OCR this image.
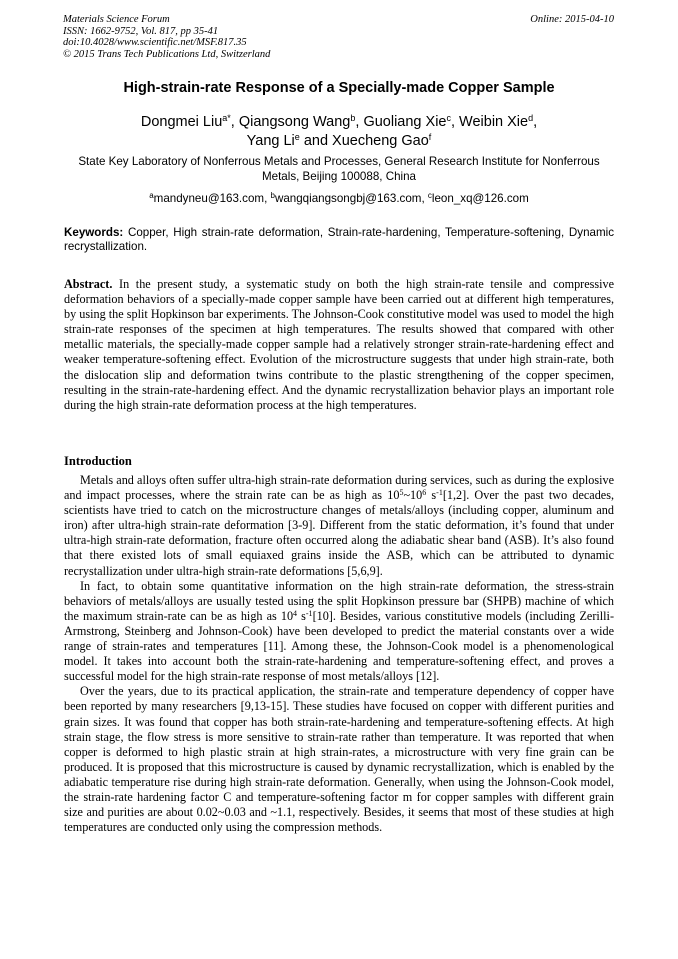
Materials Science Forum
ISSN: 1662-9752, Vol. 817, pp 35-41
doi:10.4028/www.scientific.net/MSF.817.35
© 2015 Trans Tech Publications Ltd, Switzerland
Online: 2015-04-10
High-strain-rate Response of a Specially-made Copper Sample
Dongmei Liu$^{a*}$, Qiangsong Wang$^b$, Guoliang Xie$^c$, Weibin Xie$^d$,
Yang Li$^e$ and Xuecheng Gao$^f$
State Key Laboratory of Nonferrous Metals and Processes, General Research Institute for Nonferrous Metals, Beijing 100088, China
$^a$mandyneu@163.com, $^b$wangqiangsongbj@163.com, $^c$leon_xq@126.com
Keywords: Copper, High strain-rate deformation, Strain-rate-hardening, Temperature-softening, Dynamic recrystallization.
Abstract. In the present study, a systematic study on both the high strain-rate tensile and compressive deformation behaviors of a specially-made copper sample have been carried out at different high temperatures, by using the split Hopkinson bar experiments. The Johnson-Cook constitutive model was used to model the high strain-rate responses of the specimen at high temperatures. The results showed that compared with other metallic materials, the specially-made copper sample had a relatively stronger strain-rate-hardening effect and weaker temperature-softening effect. Evolution of the microstructure suggests that under high strain-rate, both the dislocation slip and deformation twins contribute to the plastic strengthening of the copper specimen, resulting in the strain-rate-hardening effect. And the dynamic recrystallization behavior plays an important role during the high strain-rate deformation process at the high temperatures.
Introduction

Metals and alloys often suffer ultra-high strain-rate deformation during services, such as during the explosive and impact processes, where the strain rate can be as high as $10^5\sim 10^6$ $s^{-1}[1,2]$. Over the past two decades, scientists have tried to catch on the microstructure changes of metals/alloys (including copper, aluminum and iron) after ultra-high strain-rate deformation [3-9]. Different from the static deformation, it’s found that under ultra-high strain-rate deformation, fracture often occurred along the adiabatic shear band (ASB). It’s also found that there existed lots of small equiaxed grains inside the ASB, which can be attributed to dynamic recrystallization under ultra-high strain-rate deformations [5,6,9].

In fact, to obtain some quantitative information on the high strain-rate deformation, the stress-strain behaviors of metals/alloys are usually tested using the split Hopkinson pressure bar (SHPB) machine of which the maximum strain-rate can be as high as $10^4$ $s^{-1}[10]$. Besides, various constitutive models (including Zerilli-Armstrong, Steinberg and Johnson-Cook) have been developed to predict the material constants over a wide range of strain-rates and temperatures [11]. Among these, the Johnson-Cook model is a phenomenological model. It takes into account both the strain-rate-hardening and temperature-softening effect, and proves a successful model for the high strain-rate response of most metals/alloys [12].

Over the years, due to its practical application, the strain-rate and temperature dependency of copper have been reported by many researchers [9,13-15]. These studies have focused on copper with different purities and grain sizes. It was found that copper has both strain-rate-hardening and temperature-softening effects. At high strain stage, the flow stress is more sensitive to strain-rate rather than temperature. It was reported that when copper is deformed to high plastic strain at high strain-rates, a microstructure with very fine grain can be produced. It is proposed that this microstructure is caused by dynamic recrystallization, which is enabled by the adiabatic temperature rise during high strain-rate deformation. Generally, when using the Johnson-Cook model, the strain-rate hardening factor C and temperature-softening factor m for copper samples with different grain size and purities are about 0.02~0.03 and ~1.1, respectively. Besides, it seems that most of these studies at high temperatures are conducted only using the compression methods.
